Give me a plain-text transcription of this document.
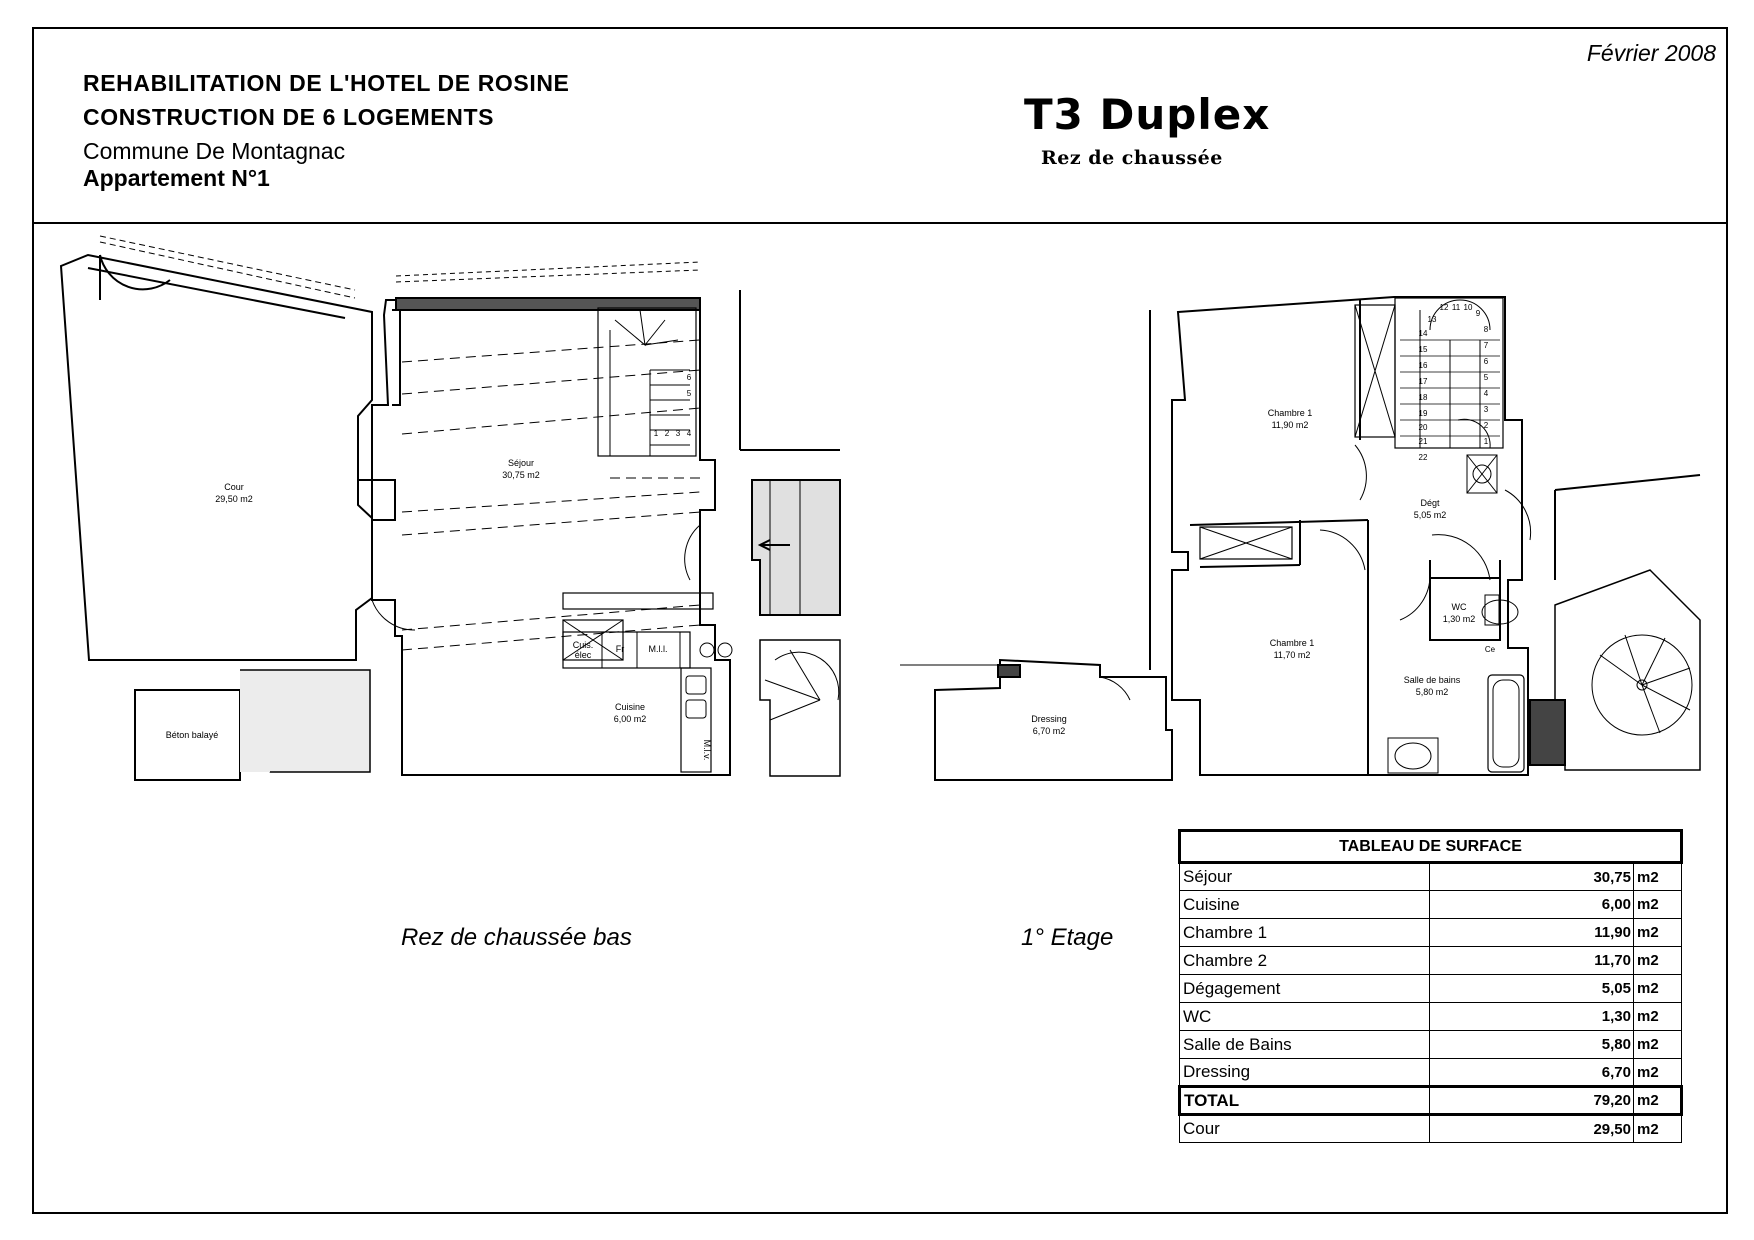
Février 2008
REHABILITATION DE L'HOTEL DE ROSINE
CONSTRUCTION DE 6 LOGEMENTS
Commune De Montagnac
Appartement N°1
T3 Duplex
Rez de chaussée
Cour
29,50 m2
Séjour
30,75 m2
Cuisine
6,00 m2
Béton balayé
Cuis.
élec
Fr	M.l.l.
M.l.v.
1 2 3 4
5
6
Chambre 1
11,90 m2
Chambre 1
11,70 m2
Dégt
5,05 m2
WC
1,30 m2
Salle de bains
5,80 m2
Dressing
6,70 m2
Ce
1
2
3
4
5
6
7
8
9
10
11
12
13
14
15
16
17
18
19
20
21
22
Rez de chaussée bas	1° Etage
TABLEAU DE SURFACE		
Séjour	30,75	m2
Cuisine	6,00	m2
Chambre 1	11,90	m2
Chambre 2	11,70	m2
Dégagement	5,05	m2
WC	1,30	m2
Salle de Bains	5,80	m2
Dressing	6,70	m2
TOTAL	79,20	m2
Cour	29,50	m2
